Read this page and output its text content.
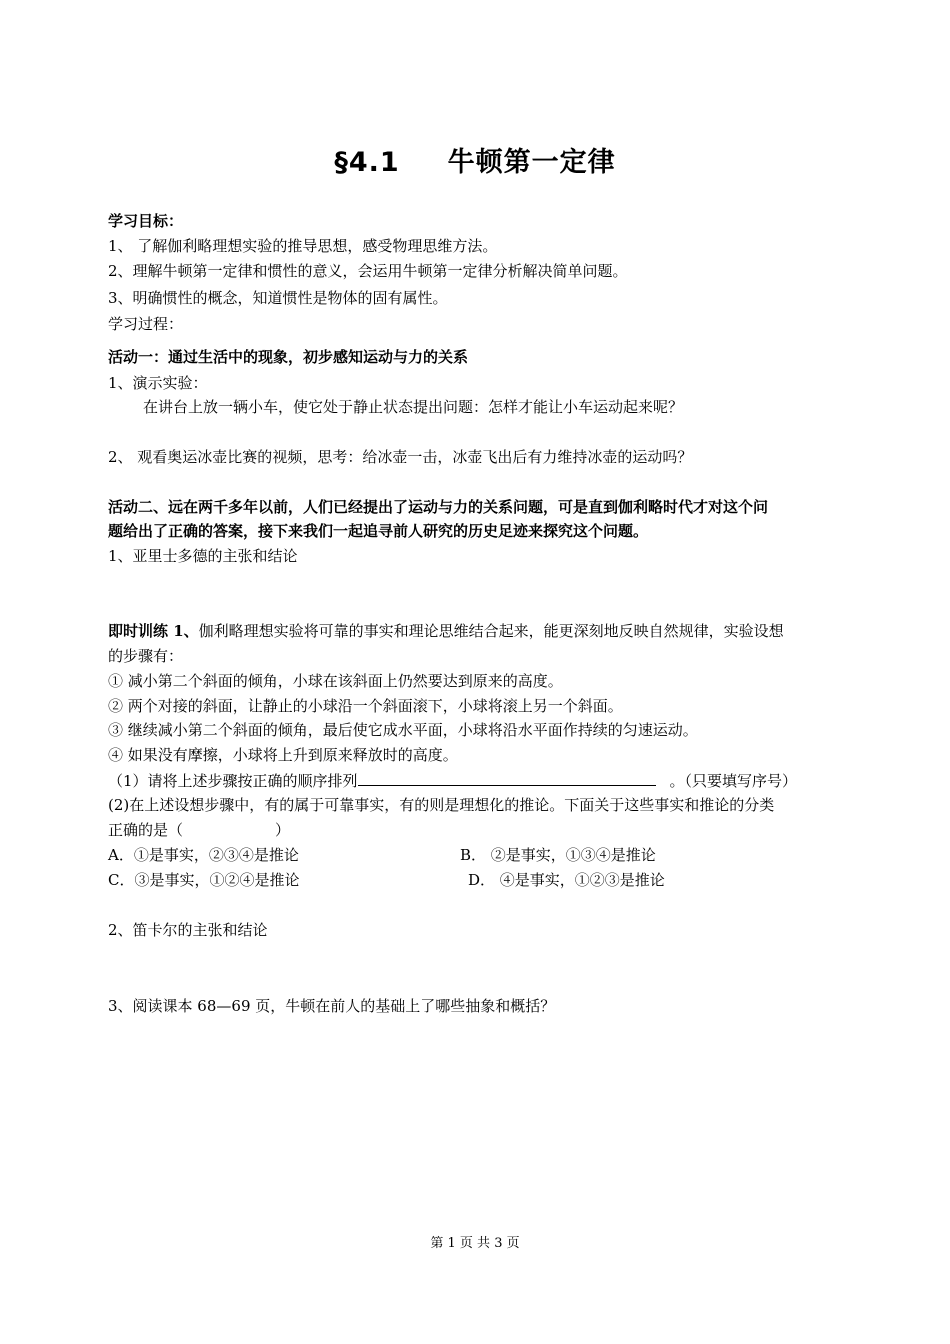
§4.1 牛顿第一定律
学习目标：
1、 了解伽利略理想实验的推导思想，感受物理思维方法。
2、理解牛顿第一定律和惯性的意义，会运用牛顿第一定律分析解决简单问题。
3、明确惯性的概念，知道惯性是物体的固有属性。
学习过程：
活动一：通过生活中的现象，初步感知运动与力的关系
1、演示实验：
在讲台上放一辆小车，使它处于静止状态提出问题：怎样才能让小车运动起来呢？
2、 观看奥运冰壶比赛的视频，思考：给冰壶一击，冰壶飞出后有力维持冰壶的运动吗？
活动二、远在两千多年以前，人们已经提出了运动与力的关系问题，可是直到伽利略时代才对这个问
题给出了正确的答案，接下来我们一起追寻前人研究的历史足迹来探究这个问题。
1、亚里士多德的主张和结论
即时训练 1、伽利略理想实验将可靠的事实和理论思维结合起来，能更深刻地反映自然规律，实验设想
的步骤有：
① 减小第二个斜面的倾角，小球在该斜面上仍然要达到原来的高度。
② 两个对接的斜面，让静止的小球沿一个斜面滚下，小球将滚上另一个斜面。
③ 继续减小第二个斜面的倾角，最后使它成水平面，小球将沿水平面作持续的匀速运动。
④ 如果没有摩擦，小球将上升到原来释放时的高度。
（1）请将上述步骤按正确的顺序排列	。（只要填写序号）
(2)在上述设想步骤中，有的属于可靠事实，有的则是理想化的推论。下面关于这些事实和推论的分类
正确的是（	）
A．①是事实，②③④是推论	B． ②是事实，①③④是推论
C．③是事实，①②④是推论	D． ④是事实，①②③是推论
2、笛卡尔的主张和结论
3、阅读课本 68—69 页，牛顿在前人的基础上了哪些抽象和概括？
第 1 页 共 3 页
